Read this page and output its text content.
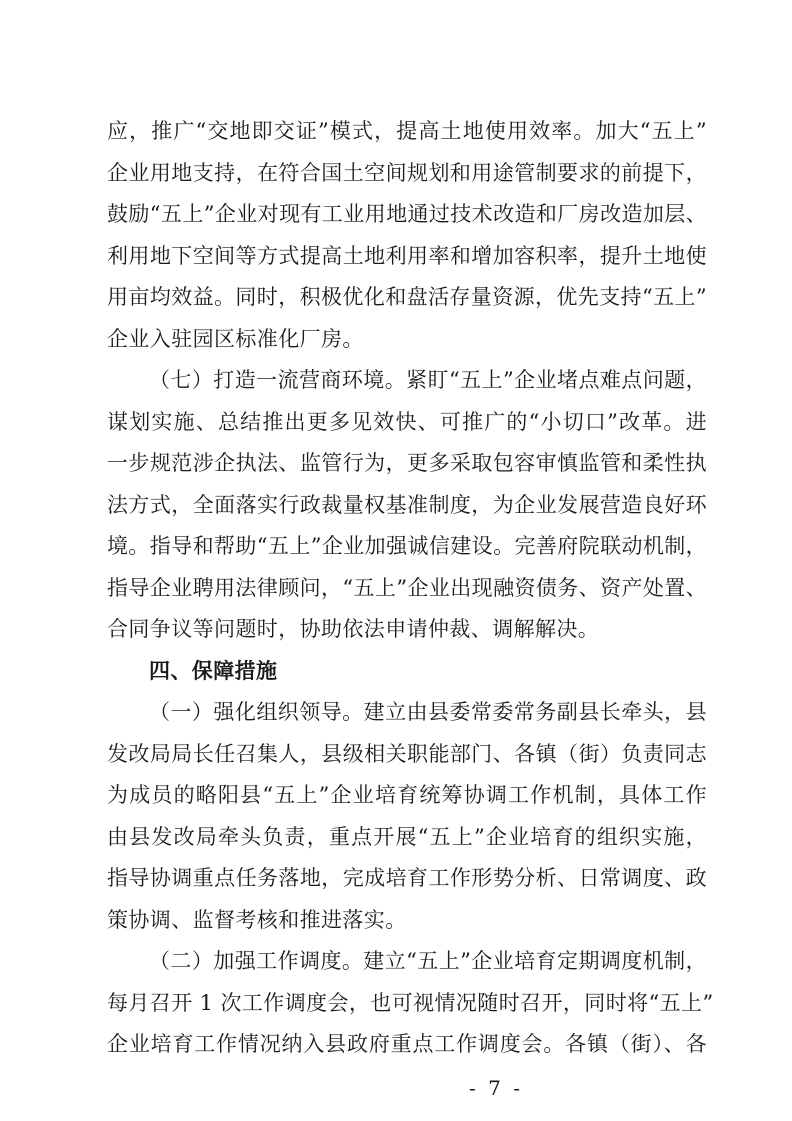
应，推广“交地即交证”模式，提高土地使用效率。加大“五上”
企业用地支持，在符合国土空间规划和用途管制要求的前提下，
鼓励“五上”企业对现有工业用地通过技术改造和厂房改造加层、
利用地下空间等方式提高土地利用率和增加容积率，提升土地使
用亩均效益。同时，积极优化和盘活存量资源，优先支持“五上”
企业入驻园区标准化厂房。
（七）打造一流营商环境。紧盯“五上”企业堵点难点问题，
谋划实施、总结推出更多见效快、可推广的“小切口”改革。进
一步规范涉企执法、监管行为，更多采取包容审慎监管和柔性执
法方式，全面落实行政裁量权基准制度，为企业发展营造良好环
境。指导和帮助“五上”企业加强诚信建设。完善府院联动机制，
指导企业聘用法律顾问，“五上”企业出现融资债务、资产处置、
合同争议等问题时，协助依法申请仲裁、调解解决。
四、保障措施
（一）强化组织领导。建立由县委常委常务副县长牵头，县
发改局局长任召集人，县级相关职能部门、各镇（街）负责同志
为成员的略阳县“五上”企业培育统筹协调工作机制，具体工作
由县发改局牵头负责，重点开展“五上”企业培育的组织实施，
指导协调重点任务落地，完成培育工作形势分析、日常调度、政
策协调、监督考核和推进落实。
（二）加强工作调度。建立“五上”企业培育定期调度机制，
每月召开 1 次工作调度会，也可视情况随时召开，同时将“五上”
企业培育工作情况纳入县政府重点工作调度会。各镇（街）、各
- 7 -
